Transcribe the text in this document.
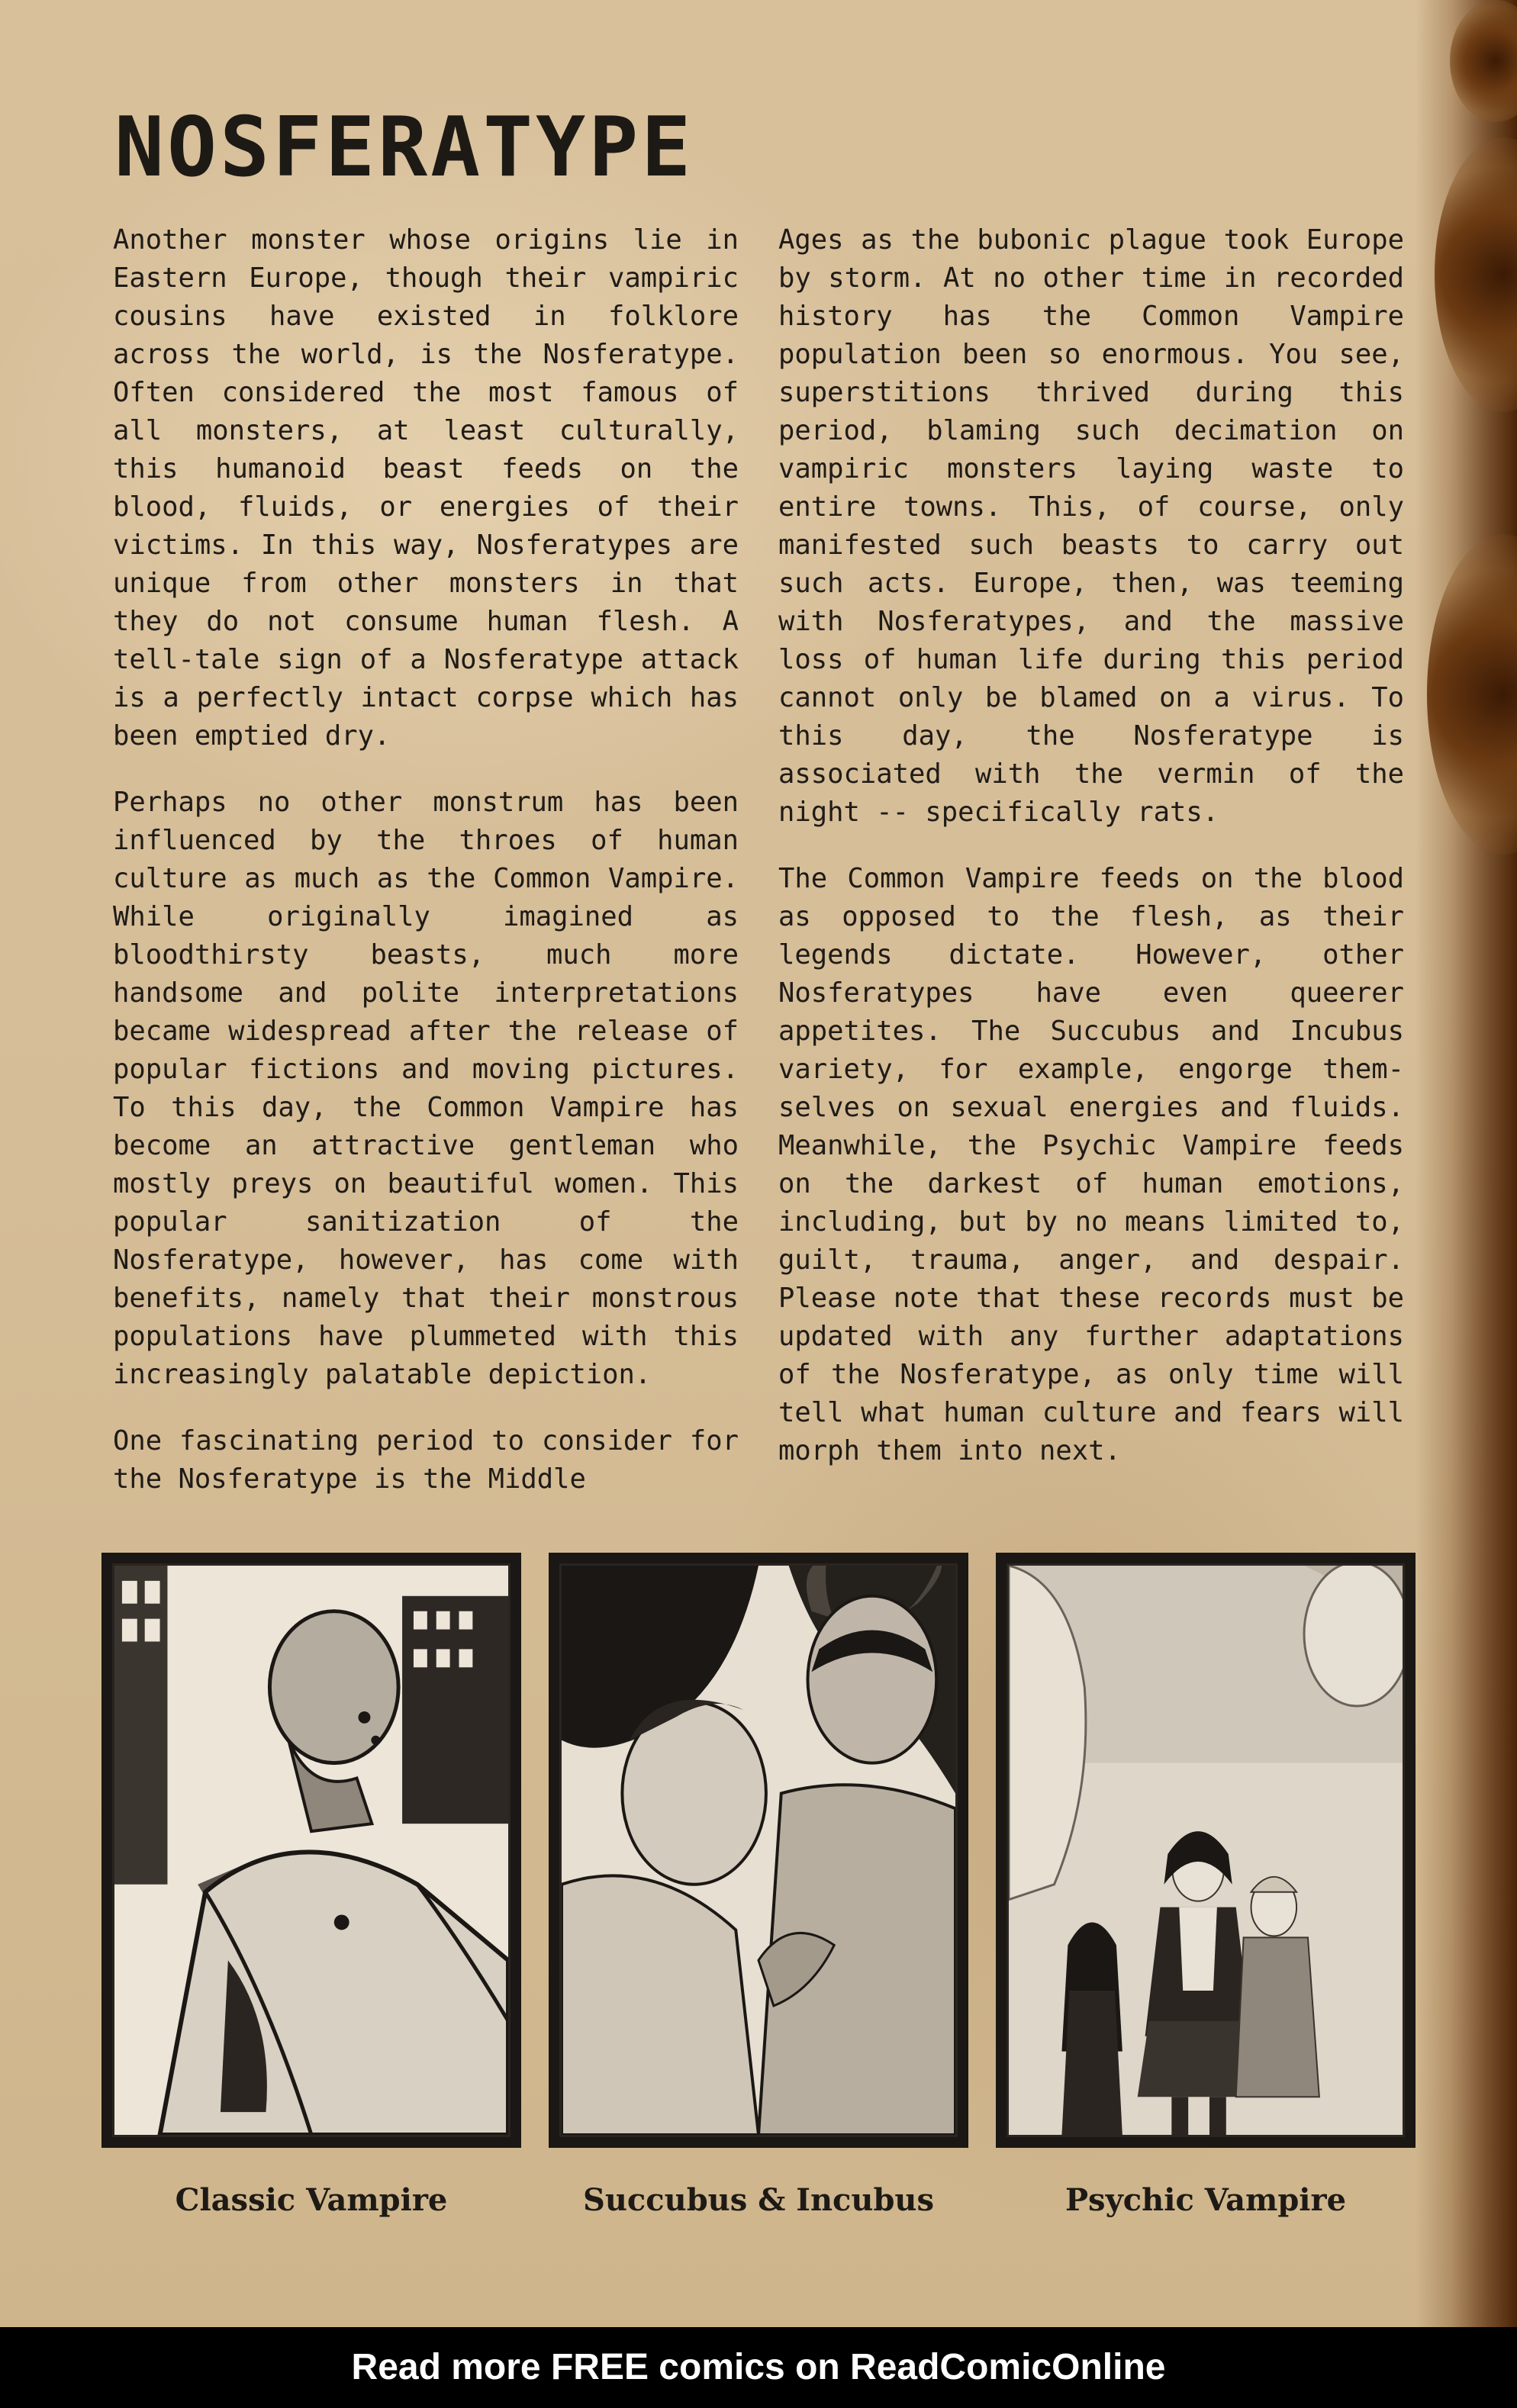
NOSFERATYPE

Another monster whose origins lie in Eastern Europe, though their vampiric cousins have existed in folklore across the world, is the Nosferatype. Often considered the most famous of all monsters, at least culturally, this humanoid beast feeds on the blood, fluids, or energies of their victims. In this way, Nosferatypes are unique from other monsters in that they do not consume human flesh. A tell-tale sign of a Nosferatype attack is a perfectly intact corpse which has been emptied dry.

Perhaps no other monstrum has been influenced by the throes of human culture as much as the Common Vampire. While originally imagined as bloodthirsty beasts, much more handsome and polite interpretations became widespread after the release of popular fictions and moving pictures. To this day, the Common Vampire has become an attractive gentleman who mostly preys on beautiful women. This popular sanitization of the Nosferatype, however, has come with benefits, namely that their monstrous populations have plummeted with this increasingly palatable depiction.

One fascinating period to consider for the Nosferatype is the Middle

Ages as the bubonic plague took Europe by storm. At no other time in recorded history has the Common Vampire population been so enormous. You see, superstitions thrived during this period, blaming such decimation on vampiric monsters laying waste to entire towns. This, of course, only manifested such beasts to carry out such acts. Europe, then, was teeming with Nosferatypes, and the massive loss of human life during this period cannot only be blamed on a virus. To this day, the Nosferatype is associated with the vermin of the night -- specifically rats.

The Common Vampire feeds on the blood as opposed to the flesh, as their legends dictate. However, other Nosferatypes have even queerer appetites. The Succubus and Incubus variety, for example, engorge them-selves on sexual energies and fluids. Meanwhile, the Psychic Vampire feeds on the darkest of human emotions, including, but by no means limited to, guilt, trauma, anger, and despair. Please note that these records must be updated with any further adaptations of the Nosferatype, as only time will tell what human culture and fears will morph them into next.

Classic Vampire	Succubus & Incubus	Psychic Vampire
Read more FREE comics on ReadComicOnline
